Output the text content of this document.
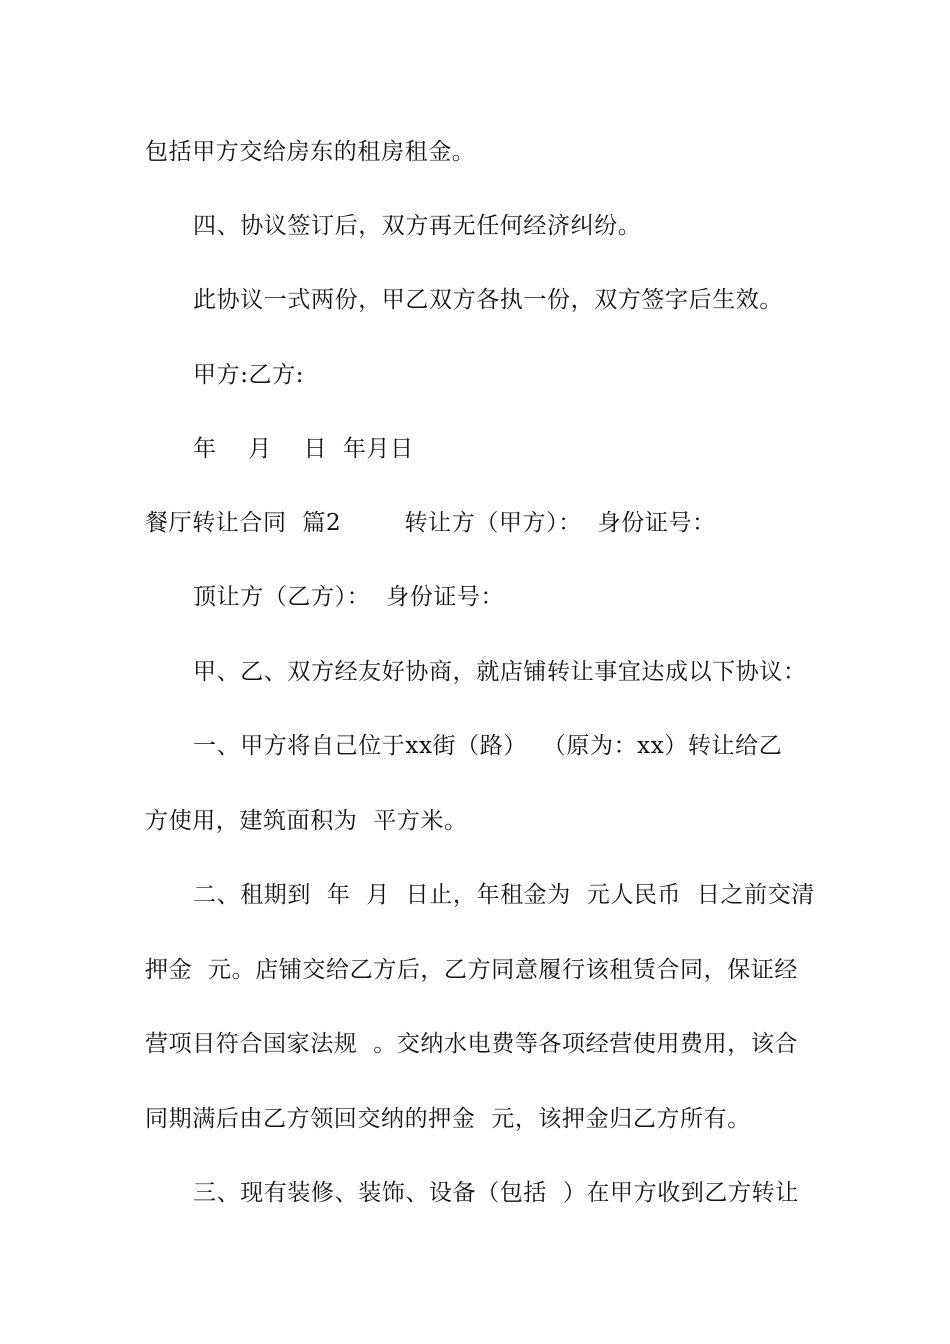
包括甲方交给房东的租房租金。
四、协议签订后，双方再无任何经济纠纷。
此协议一式两份，甲乙双方各执一份，双方签字后生效。
甲方:乙方:
年    月    日  年月日
餐厅转让合同  篇2        转让方（甲方）：  身份证号：
顶让方（乙方）：  身份证号：
甲、乙、双方经友好协商，就店铺转让事宜达成以下协议：
一、甲方将自己位于xx街（路）  （原为：xx）转让给乙
方使用，建筑面积为  平方米。
二、租期到  年  月  日止，年租金为  元人民币  日之前交清
押金  元。店铺交给乙方后，乙方同意履行该租赁合同，保证经
营项目符合国家法规  。交纳水电费等各项经营使用费用，该合
同期满后由乙方领回交纳的押金  元，该押金归乙方所有。
三、现有装修、装饰、设备（包括  ）在甲方收到乙方转让
